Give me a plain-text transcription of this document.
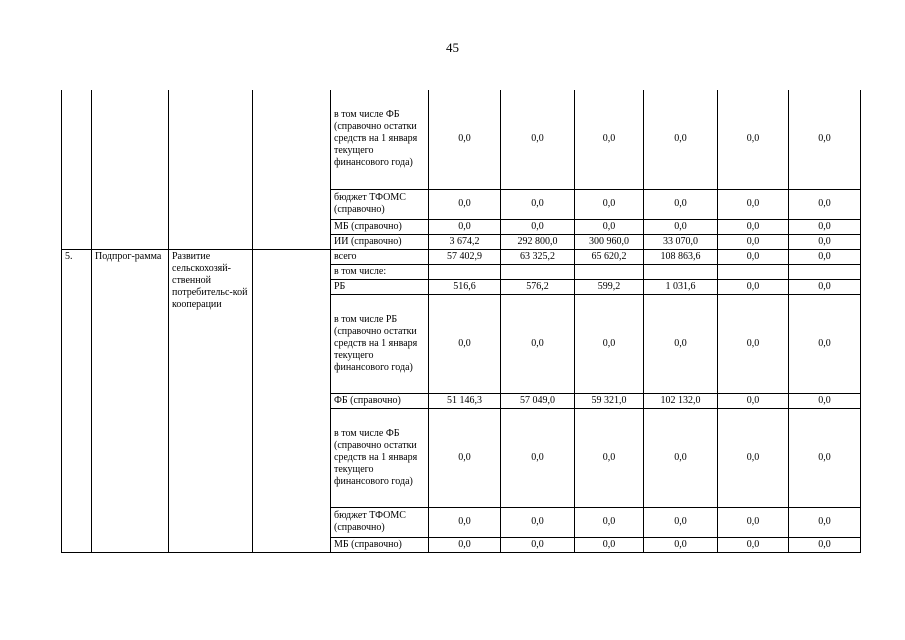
45
				в том числе ФБ (справочно остатки средств на 1 января текущего финансового года)	0,0	0,0	0,0	0,0	0,0	0,0
				бюджет ТФОМС (справочно)	0,0	0,0	0,0	0,0	0,0	0,0
				МБ (справочно)	0,0	0,0	0,0	0,0	0,0	0,0
				ИИ (справочно)	3 674,2	292 800,0	300 960,0	33 070,0	0,0	0,0
5.	Подпрог-рамма	Развитие сельскохозяй-ственной потребительс-кой кооперации		всего	57 402,9	63 325,2	65 620,2	108 863,6	0,0	0,0
				в том числе:						
				РБ	516,6	576,2	599,2	1 031,6	0,0	0,0
				в том числе РБ (справочно остатки средств на 1 января текущего финансового года)	0,0	0,0	0,0	0,0	0,0	0,0
				ФБ (справочно)	51 146,3	57 049,0	59 321,0	102 132,0	0,0	0,0
				в том числе ФБ (справочно остатки средств на 1 января текущего финансового года)	0,0	0,0	0,0	0,0	0,0	0,0
				бюджет ТФОМС (справочно)	0,0	0,0	0,0	0,0	0,0	0,0
				МБ (справочно)	0,0	0,0	0,0	0,0	0,0	0,0
